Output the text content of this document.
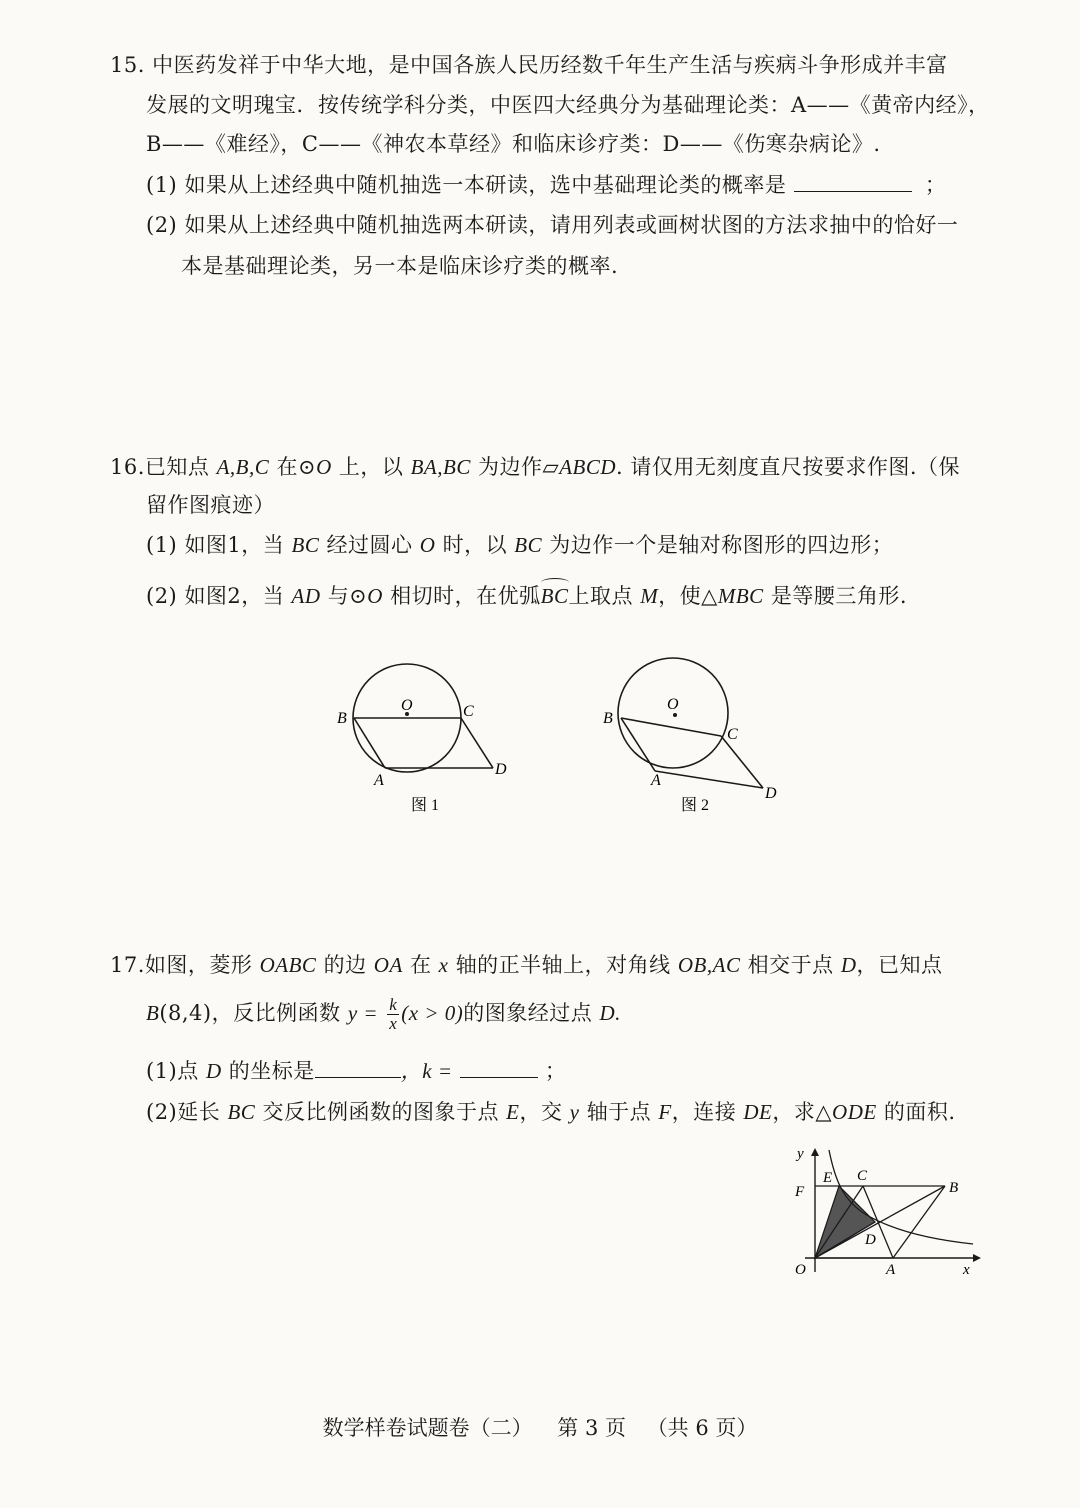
15. 中医药发祥于中华大地，是中国各族人民历经数千年生产生活与疾病斗争形成并丰富
发展的文明瑰宝．按传统学科分类，中医四大经典分为基础理论类：A——《黄帝内经》，
B——《难经》，C——《神农本草经》和临床诊疗类：D——《伤寒杂病论》.
(1) 如果从上述经典中随机抽选一本研读，选中基础理论类的概率是	；
(2) 如果从上述经典中随机抽选两本研读，请用列表或画树状图的方法求抽中的恰好一
本是基础理论类，另一本是临床诊疗类的概率.
16.已知点 A,B,C 在⊙O 上，以 BA,BC 为边作▱ABCD. 请仅用无刻度直尺按要求作图.（保
留作图痕迹）
(1) 如图1，当 BC 经过圆心 O 时，以 BC 为边作一个是轴对称图形的四边形；
(2) 如图2，当 AD 与⊙O 相切时，在优弧BC上取点 M，使△MBC 是等腰三角形.
B
O	C
A
D
图 1
B
O
C
A
D
图 2
17.如图，菱形 OABC 的边 OA 在 x 轴的正半轴上，对角线 OB,AC 相交于点 D，已知点
B(8,4)，反比例函数 $y = \frac{k}{x} (x > 0)$的图象经过点 D.
(1)点 D 的坐标是	，k =	；
(2)延长 BC 交反比例函数的图象于点 E，交 y 轴于点 F，连接 DE，求△ODE 的面积.
y
x
O
E C
F	B
D
A
数学样卷试题卷（二） 第 3 页 （共 6 页）
